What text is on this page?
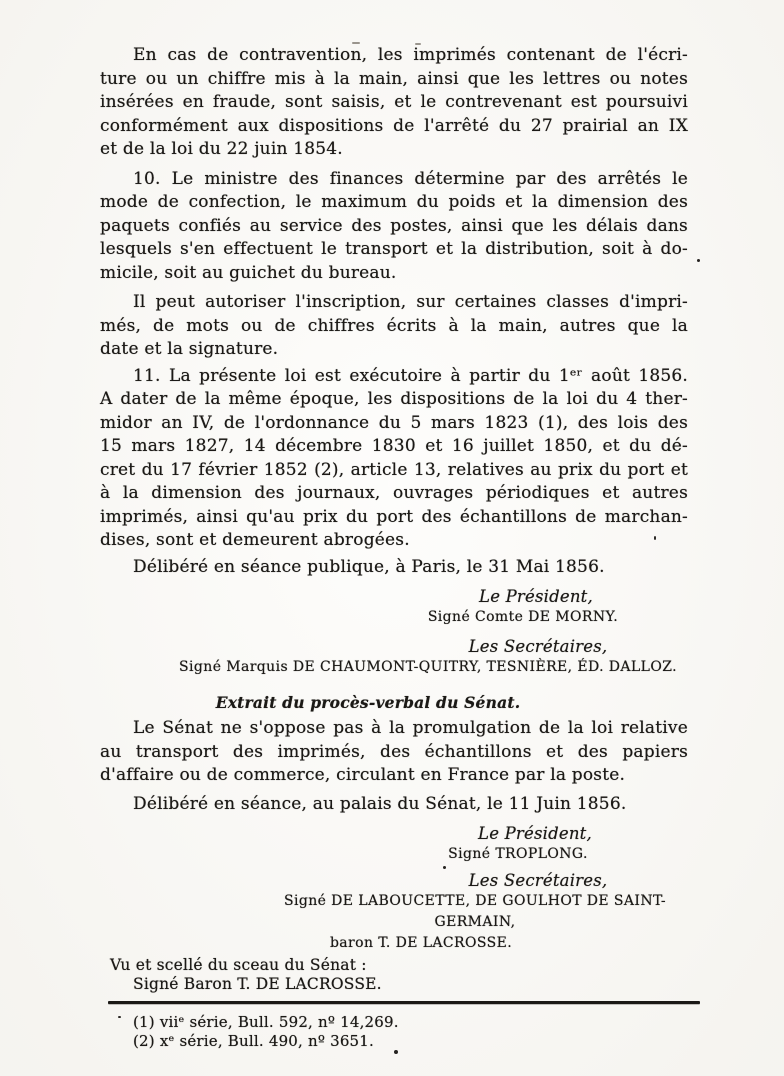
En cas de contravention, les imprimés contenant de l'écri-
ture ou un chiffre mis à la main, ainsi que les lettres ou notes
insérées en fraude, sont saisis, et le contrevenant est poursuivi
conformément aux dispositions de l'arrêté du 27 prairial an IX
et de la loi du 22 juin 1854.
10. Le ministre des finances détermine par des arrêtés le
mode de confection, le maximum du poids et la dimension des
paquets confiés au service des postes, ainsi que les délais dans
lesquels s'en effectuent le transport et la distribution, soit à do-
micile, soit au guichet du bureau.
Il peut autoriser l'inscription, sur certaines classes d'impri-
més, de mots ou de chiffres écrits à la main, autres que la
date et la signature.
11. La présente loi est exécutoire à partir du 1ᵉʳ août 1856.
A dater de la même époque, les dispositions de la loi du 4 ther-
midor an IV, de l'ordonnance du 5 mars 1823 (1), des lois des
15 mars 1827, 14 décembre 1830 et 16 juillet 1850, et du dé-
cret du 17 février 1852 (2), article 13, relatives au prix du port et
à la dimension des journaux, ouvrages périodiques et autres
imprimés, ainsi qu'au prix du port des échantillons de marchan-
dises, sont et demeurent abrogées.
Délibéré en séance publique, à Paris, le 31 Mai 1856.
Le Président,
Signé Comte DE MORNY.
Les Secrétaires,
Signé Marquis DE CHAUMONT-QUITRY, TESNIÈRE, ÉD. DALLOZ.
Extrait du procès-verbal du Sénat.
Le Sénat ne s'oppose pas à la promulgation de la loi relative
au transport des imprimés, des échantillons et des papiers
d'affaire ou de commerce, circulant en France par la poste.
Délibéré en séance, au palais du Sénat, le 11 Juin 1856.
Le Président,
Signé TROPLONG.
Les Secrétaires,
Signé DE LABOUCETTE, DE GOULHOT DE SAINT-GERMAIN,
baron T. DE LACROSSE.
Vu et scellé du sceau du Sénat :
Signé Baron T. DE LACROSSE.
(1) viiᵉ série, Bull. 592, nº 14,269.
(2) xᵉ série, Bull. 490, nº 3651.
